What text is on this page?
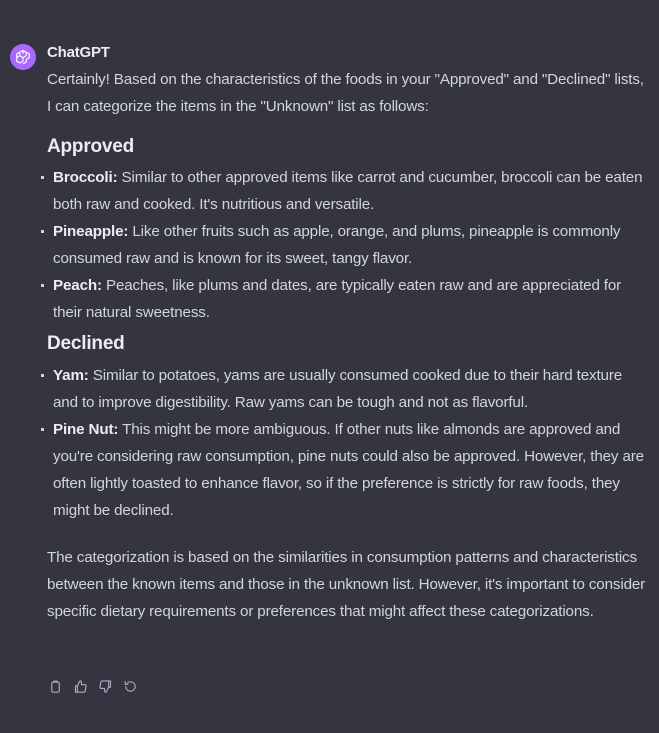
ChatGPT

Certainly! Based on the characteristics of the foods in your "Approved" and "Declined" lists, I can categorize the items in the "Unknown" list as follows:

Approved
Broccoli: Similar to other approved items like carrot and cucumber, broccoli can be eaten both raw and cooked. It's nutritious and versatile.
Pineapple: Like other fruits such as apple, orange, and plums, pineapple is commonly consumed raw and is known for its sweet, tangy flavor.
Peach: Peaches, like plums and dates, are typically eaten raw and are appreciated for their natural sweetness.
Declined
Yam: Similar to potatoes, yams are usually consumed cooked due to their hard texture and to improve digestibility. Raw yams can be tough and not as flavorful.
Pine Nut: This might be more ambiguous. If other nuts like almonds are approved and you're considering raw consumption, pine nuts could also be approved. However, they are often lightly toasted to enhance flavor, so if the preference is strictly for raw foods, they might be declined.

The categorization is based on the similarities in consumption patterns and characteristics between the known items and those in the unknown list. However, it's important to consider specific dietary requirements or preferences that might affect these categorizations.
